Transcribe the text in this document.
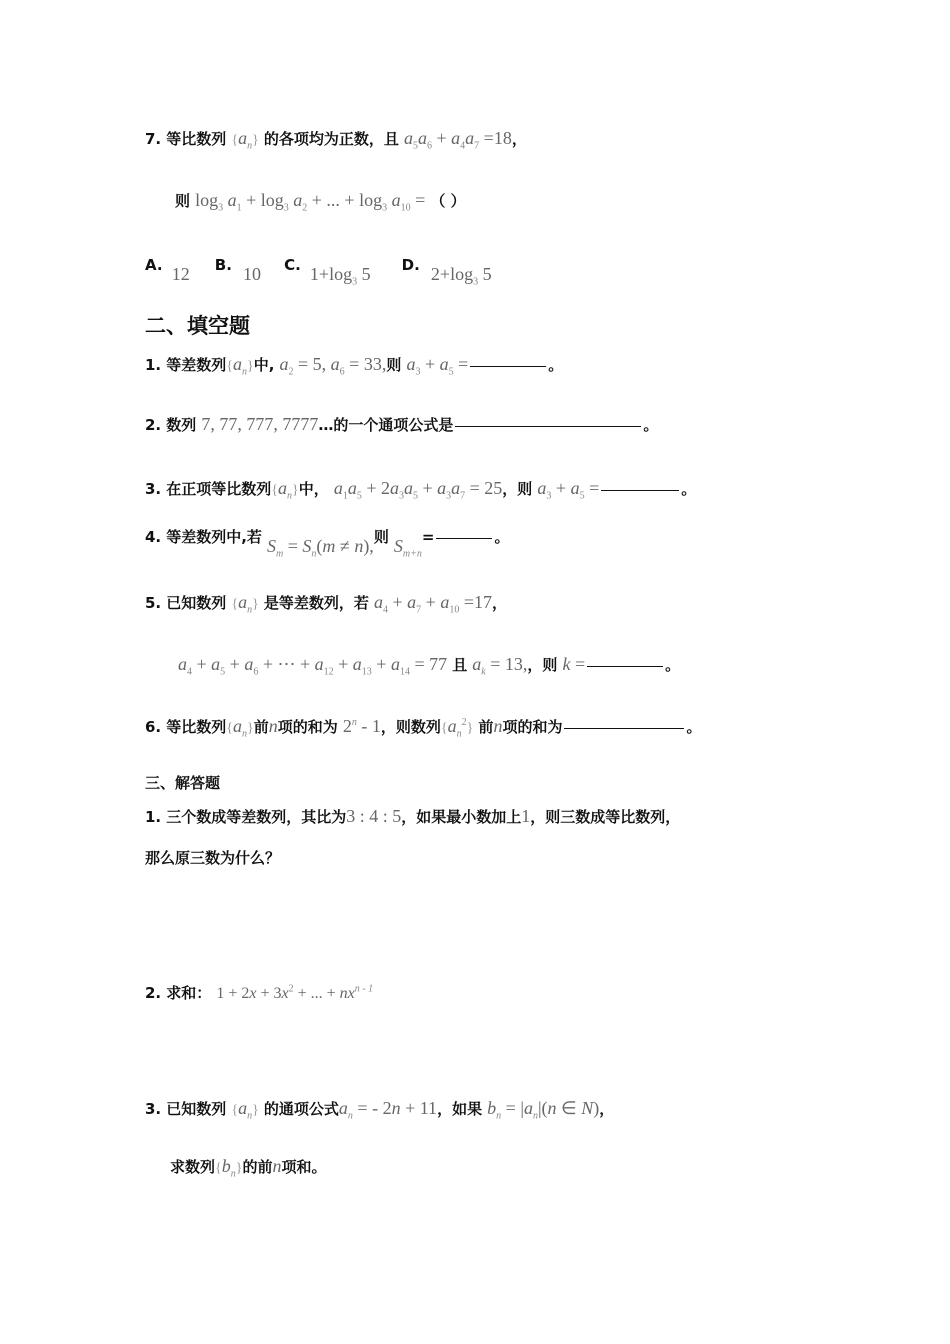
7. 等比数列 $\{a_n\}$ 的各项均为正数，且 $a_5a_6 + a_4a_7 =18$，
则 $\log_3 a_1 + \log_3 a_2$ + ... + $\log_3 a_{10}$ = （ ）
A. 12 B. 10 C. $1+\log_3$ 5 D. $2+\log_3$ 5
二、填空题
1. 等差数列$\{a_n\}$中, $a_2 = 5$, $a_6 = 33$,则 $a_3 + a_5$ =	。
2. 数列 7, 77, 777, 7777…的一个通项公式是	。
3. 在正项等比数列$\{a_n\}$中， $a_1a_5 + 2a_3a_5 + a_3a_7 = 25$，则 $a_3 + a_5$ =	。
4. 等差数列中,若 $S_m = S_n(m \ne n)$,则 $S_{m+n}=$	。
5. 已知数列 $\{a_n\}$ 是等差数列，若 $a_4 + a_7 + a_{10} =17$，
$a_4 + a_5 + a_6$ + ⋯ + $a_{12} + a_{13} + a_{14} = 77$ 且 $a_k = 13$,，则 k =	。
6. 等比数列$\{a_n\}$前n项的和为 2$^n$ - 1，则数列$\{a_n^2\}$ 前n项的和为	。
三、解答题
1. 三个数成等差数列，其比为3 : 4 : 5，如果最小数加上1，则三数成等比数列，
那么原三数为什么？
2. 求和： $1 + 2x + 3x^2$ + ... + $nx^{n - 1}$
3. 已知数列 $\{a_n\}$ 的通项公式$a_n$ = - 2n + 11，如果 $b_n = |a_n|(n$ ∈ N)，
求数列$\{b_n\}$的前n项和。
